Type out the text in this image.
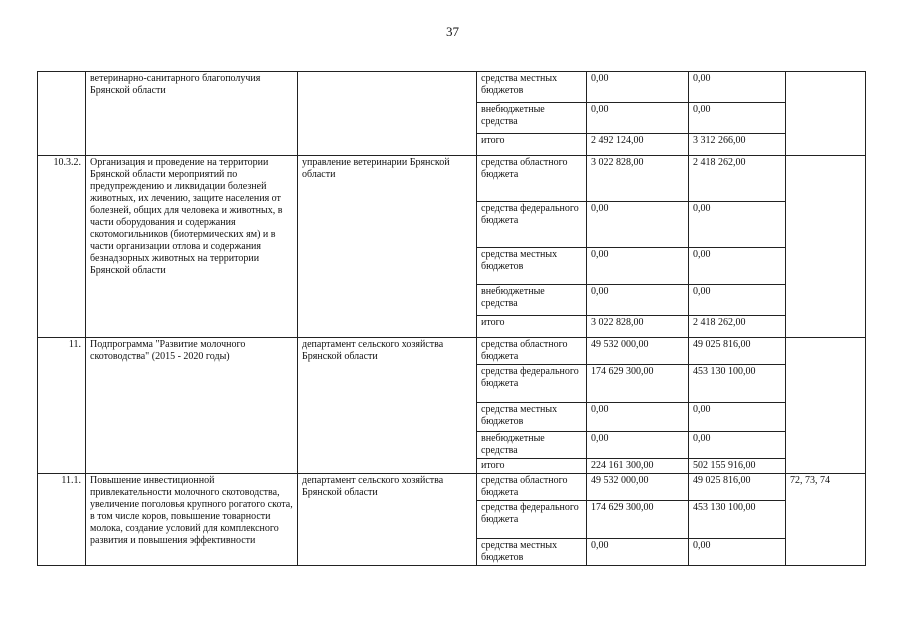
37
	ветеринарно-санитарного благополучия Брянской области		средства местных бюджетов	0,00	0,00	
			внебюджетные средства	0,00	0,00	
			итого	2 492 124,00	3 312 266,00	
10.3.2.	Организация и проведение на территории Брянской области мероприятий по предупреждению и ликвидации болезней животных, их лечению, защите населения от болезней, общих для человека и животных, в части оборудования и содержания скотомогильников (биотермических ям) и в части организации отлова и содержания безнадзорных животных на территории Брянской области	управление ветеринарии Брянской области	средства областного бюджета	3 022 828,00	2 418 262,00	
			средства федерального бюджета	0,00	0,00	
			средства местных бюджетов	0,00	0,00	
			внебюджетные средства	0,00	0,00	
			итого	3 022 828,00	2 418 262,00	
11.	Подпрограмма "Развитие молочного скотоводства" (2015 - 2020 годы)	департамент сельского хозяйства Брянской области	средства областного бюджета	49 532 000,00	49 025 816,00	
			средства федерального бюджета	174 629 300,00	453 130 100,00	
			средства местных бюджетов	0,00	0,00	
			внебюджетные средства	0,00	0,00	
			итого	224 161 300,00	502 155 916,00	
11.1.	Повышение инвестиционной привлекательности молочного скотоводства, увеличение поголовья крупного рогатого скота, в том числе коров, повышение товарности молока, создание условий для комплексного развития и повышения эффективности	департамент сельского хозяйства Брянской области	средства областного бюджета	49 532 000,00	49 025 816,00	72, 73, 74
			средства федерального бюджета	174 629 300,00	453 130 100,00	
			средства местных бюджетов	0,00	0,00	
